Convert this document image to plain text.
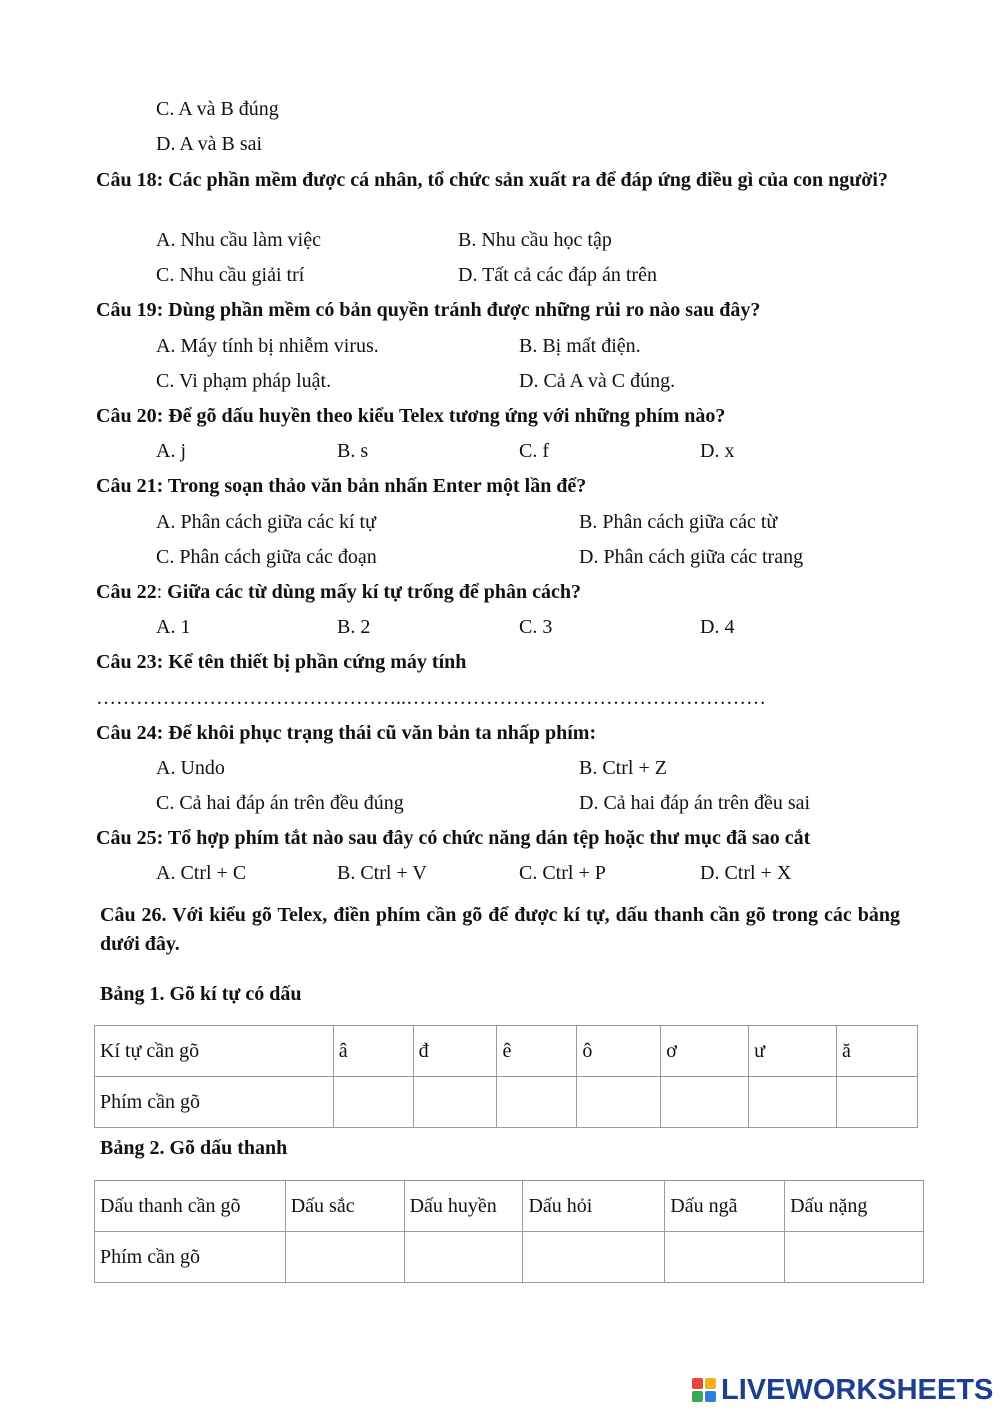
C. A và B đúng
D. A và B sai
Câu 18: Các phần mềm được cá nhân, tổ chức sản xuất ra để đáp ứng điều gì của con người?
A. Nhu cầu làm việc	B. Nhu cầu học tập
C. Nhu cầu giải trí	D. Tất cả các đáp án trên
Câu 19: Dùng phần mềm có bản quyền tránh được những rủi ro nào sau đây?
A. Máy tính bị nhiễm virus.	B. Bị mất điện.
C. Vi phạm pháp luật.	D. Cả A và C đúng.
Câu 20: Để gõ dấu huyền theo kiểu Telex tương ứng với những phím nào?
A. j	B. s	C. f	D. x
Câu 21: Trong soạn thảo văn bản nhấn Enter một lần để?
A. Phân cách giữa các kí tự	B. Phân cách giữa các từ
C. Phân cách giữa các đoạn	D. Phân cách giữa các trang
Câu 22: Giữa các từ dùng mấy kí tự trống để phân cách?
A. 1	B. 2	C. 3	D. 4
Câu 23: Kể tên thiết bị phần cứng máy tính
………………………………………..………………………………………………
Câu 24: Để khôi phục trạng thái cũ văn bản ta nhấp phím:
A. Undo	B. Ctrl + Z
C. Cả hai đáp án trên đều đúng	D. Cả hai đáp án trên đều sai
Câu 25: Tổ hợp phím tắt nào sau đây có chức năng dán tệp hoặc thư mục đã sao cắt
A. Ctrl + C	B. Ctrl + V	C. Ctrl + P	D. Ctrl + X
Câu 26. Với kiểu gõ Telex, điền phím cần gõ để được kí tự, dấu thanh cần gõ trong các bảng dưới đây.
Bảng 1. Gõ kí tự có dấu
Kí tự cần gõ	â	đ	ê	ô	ơ	ư	ă
Phím cần gõ							
Bảng 2. Gõ dấu thanh
Dấu thanh cần gõ	Dấu sắc	Dấu huyền	Dấu hỏi	Dấu ngã	Dấu nặng
Phím cần gõ					
LIVEWORKSHEETS
